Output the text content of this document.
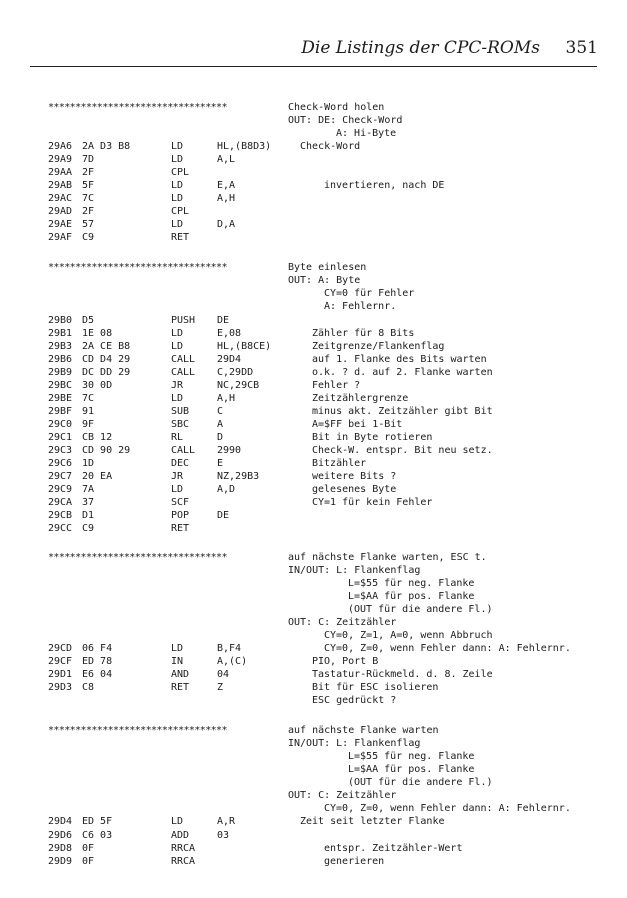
Die Listings der CPC-ROMs 351
*********************************	Check-Word holen
OUT: DE: Check-Word
A: Hi-Byte
29A6 2A D3 B8	LD	HL,(B8D3)	Check-Word
29A9 7D	LD	A,L
29AA 2F	CPL
29AB 5F	LD	E,A	invertieren, nach DE
29AC 7C	LD	A,H
29AD 2F	CPL
29AE 57	LD	D,A
29AF C9	RET
*********************************	Byte einlesen
OUT: A: Byte
CY=0 für Fehler
A: Fehlernr.
29B0 D5	PUSH DE
29B1 1E 08	LD	E,08	Zähler für 8 Bits
29B3 2A CE B8	LD	HL,(B8CE)	Zeitgrenze/Flankenflag
29B6 CD D4 29	CALL 29D4	auf 1. Flanke des Bits warten
29B9 DC DD 29	CALL C,29DD	o.k. ? d. auf 2. Flanke warten
29BC 30 0D	JR	NC,29CB	Fehler ?
29BE 7C	LD	A,H	Zeitzählergrenze
29BF 91	SUB	C	minus akt. Zeitzähler gibt Bit
29C0 9F	SBC	A	A=$FF bei 1-Bit
29C1 CB 12	RL	D	Bit in Byte rotieren
29C3 CD 90 29	CALL 2990	Check-W. entspr. Bit neu setz.
29C6 1D	DEC	E	Bitzähler
29C7 20 EA	JR	NZ,29B3	weitere Bits ?
29C9 7A	LD	A,D	gelesenes Byte
29CA 37	SCF	CY=1 für kein Fehler
29CB D1	POP	DE
29CC C9	RET
*********************************	auf nächste Flanke warten, ESC t.
IN/OUT: L: Flankenflag
L=$55 für neg. Flanke
L=$AA für pos. Flanke
(OUT für die andere Fl.)
OUT: C: Zeitzähler
CY=0, Z=1, A=0, wenn Abbruch
29CD 06 F4	LD	B,F4	CY=0, Z=0, wenn Fehler dann: A: Fehlernr.
29CF ED 78	IN	A,(C)	PIO, Port B
29D1 E6 04	AND	04	Tastatur-Rückmeld. d. 8. Zeile
29D3 C8	RET	Z	Bit für ESC isolieren
ESC gedrückt ?
*********************************	auf nächste Flanke warten
IN/OUT: L: Flankenflag
L=$55 für neg. Flanke
L=$AA für pos. Flanke
(OUT für die andere Fl.)
OUT: C: Zeitzähler
CY=0, Z=0, wenn Fehler dann: A: Fehlernr.
29D4 ED 5F	LD	A,R	Zeit seit letzter Flanke
29D6 C6 03	ADD	03
29D8 0F	RRCA	entspr. Zeitzähler-Wert
29D9 0F	RRCA	generieren
